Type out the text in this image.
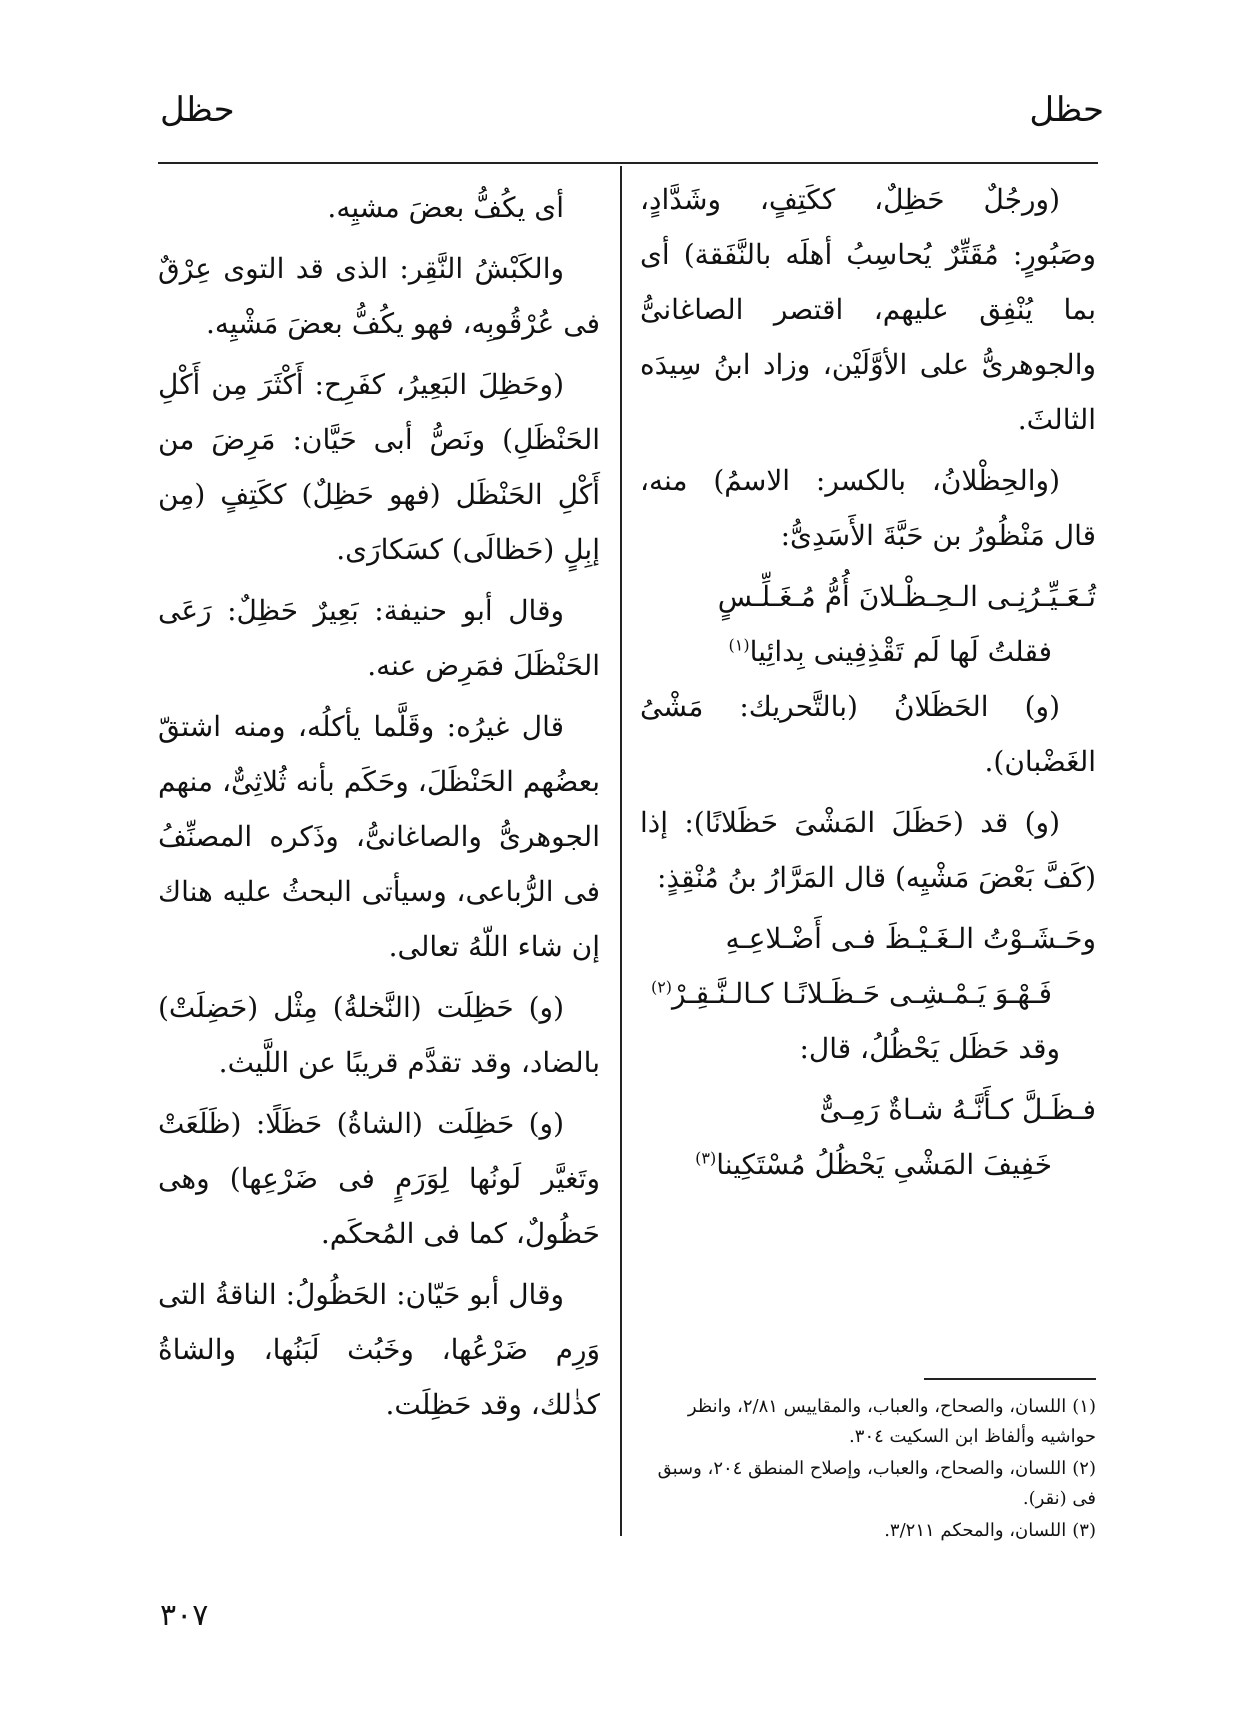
حظل
حظل

(ورجُلٌ حَظِلٌ، ككَتِفٍ، وشَدَّادٍ، وصَبُورٍ: مُقَتِّرٌ يُحاسِبُ أهلَه بالنَّفَقة) أى بما يُنْفِق عليهم، اقتصر الصاغانىُّ والجوهرىُّ على الأوَّلَيْن، وزاد ابنُ سِيدَه الثالثَ.

(والحِظْلانُ، بالكسر: الاسمُ) منه، قال مَنْظُورُ بن حَبَّةَ الأَسَدِىُّ:

تُـعَـيِّـرُنِـى الـحِـظْـلانَ أُمُّ مُـغَـلِّـسٍ

فقلتُ لَها لَم تَقْذِفِينى بِدائِيا$^{(١)}$

(و) الحَظَلانُ (بالتَّحريك: مَشْىُ الغَضْبان).

(و) قد (حَظَلَ المَشْىَ حَظَلانًا): إذا (كَفَّ بَعْضَ مَشْيِه) قال المَرَّارُ بنُ مُنْقِذٍ:

وحَـشَـوْتُ الـغَـيْـظَ فـى أَضْـلاعِـهِ

فَـهْـوَ يَـمْـشِـى حَـظَـلانًـا كـالـنَّـقِـرْ$^{(٢)}$

وقد حَظَل يَحْظُلُ، قال:

فـظَـلَّ كـأَنَّـهُ شـاةٌ رَمِـىٌّ

خَفِيفَ المَشْىِ يَحْظُلُ مُسْتَكِينا$^{(٣)}$

أى يكُفُّ بعضَ مشيِه.

والكَبْشُ النَّقِر: الذى قد التوى عِرْقٌ فى عُرْقُوبِه، فهو يكُفُّ بعضَ مَشْيِه.

(وحَظِلَ البَعِيرُ، كفَرِح: أَكْثَرَ مِن أَكْلِ الحَنْظَلِ) ونَصُّ أبى حَيَّان: مَرِضَ من أَكْلِ الحَنْظَل (فهو حَظِلٌ) ككَتِفٍ (مِن إبِلٍ (حَظالَى) كسَكارَى.

وقال أبو حنيفة: بَعِيرٌ حَظِلٌ: رَعَى الحَنْظَلَ فمَرِض عنه.

قال غيرُه: وقَلَّما يأكلُه، ومنه اشتقّ بعضُهم الحَنْظَلَ، وحَكَم بأنه ثُلاثِىٌّ، منهم الجوهرىُّ والصاغانىُّ، وذَكره المصنِّفُ فى الرُّباعى، وسيأتى البحثُ عليه هناك إن شاء اللّهُ تعالى.

(و) حَظِلَت (النَّخلةُ) مِثْل (حَضِلَتْ) بالضاد، وقد تقدَّم قريبًا عن اللَّيث.

(و) حَظِلَت (الشاةُ) حَظَلًا: (ظَلَعَتْ وتَغيَّر لَونُها لِوَرَمٍ فى ضَرْعِها) وهى حَظُولٌ، كما فى المُحكَم.

وقال أبو حَيّان: الحَظُولُ: الناقةُ التى وَرِم ضَرْعُها، وخَبُث لَبَنُها، والشاةُ كذٰلك، وقد حَظِلَت.	(١)اللسان، والصحاح، والعباب، والمقاييس ٢/٨١، وانظر حواشيه وألفاظ ابن السكيت ٣٠٤.

(٢)اللسان، والصحاح، والعباب، وإصلاح المنطق ٢٠٤، وسبق فى (نقر).

(٣)اللسان، والمحكم ٣/٢١١.

٣٠٧
